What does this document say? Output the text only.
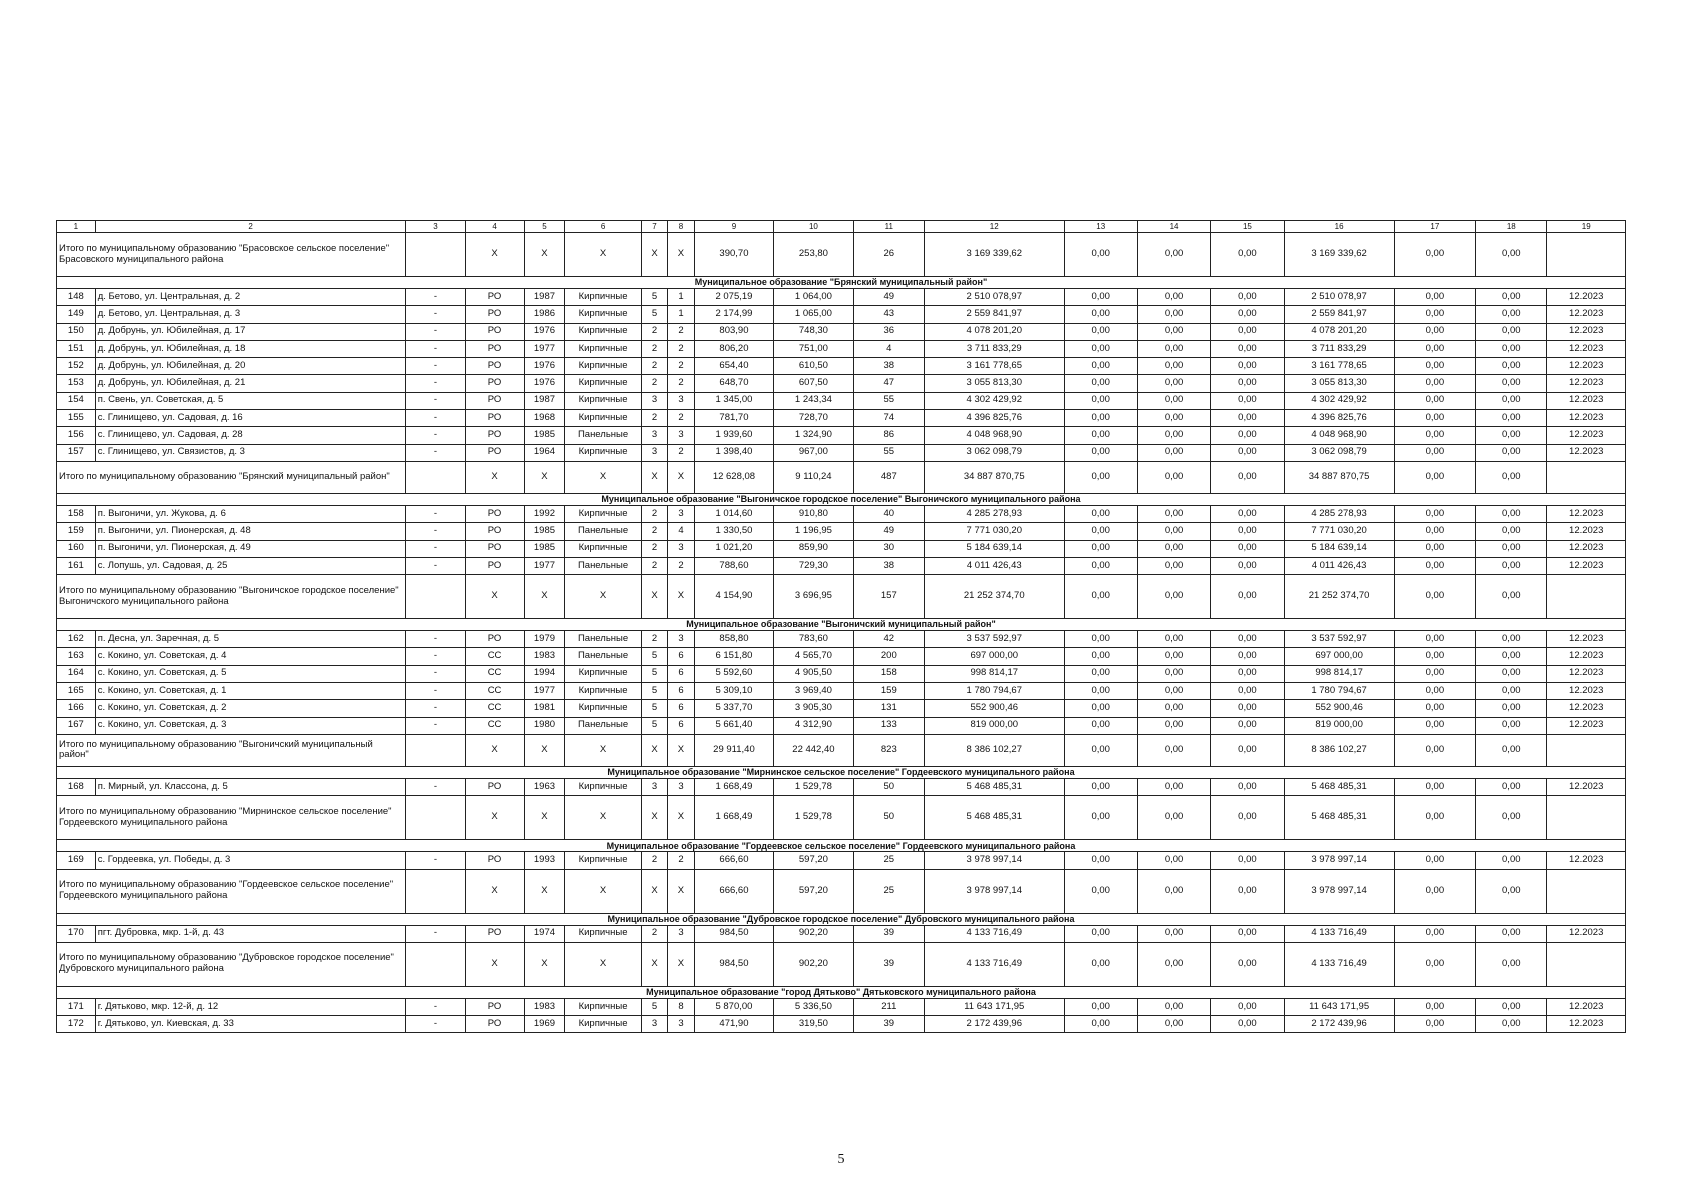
1	2	3	4	5	6	7	8	9	10	11	12	13	14	15	16	17	18	19
Итого по муниципальному образованию "Брасовское сельское поселение" Брасовского муниципального района			X	X	X	X	X	390,70	253,80	26	3 169 339,62	0,00	0,00	0,00	3 169 339,62	0,00	0,00	
Муниципальное образование "Брянский муниципальный район"																		
148	д. Бетово, ул. Центральная, д. 2	-	РО	1987	Кирпичные	5	1	2 075,19	1 064,00	49	2 510 078,97	0,00	0,00	0,00	2 510 078,97	0,00	0,00	12.2023
149	д. Бетово, ул. Центральная, д. 3	-	РО	1986	Кирпичные	5	1	2 174,99	1 065,00	43	2 559 841,97	0,00	0,00	0,00	2 559 841,97	0,00	0,00	12.2023
150	д. Добрунь, ул. Юбилейная, д. 17	-	РО	1976	Кирпичные	2	2	803,90	748,30	36	4 078 201,20	0,00	0,00	0,00	4 078 201,20	0,00	0,00	12.2023
151	д. Добрунь, ул. Юбилейная, д. 18	-	РО	1977	Кирпичные	2	2	806,20	751,00	4	3 711 833,29	0,00	0,00	0,00	3 711 833,29	0,00	0,00	12.2023
152	д. Добрунь, ул. Юбилейная, д. 20	-	РО	1976	Кирпичные	2	2	654,40	610,50	38	3 161 778,65	0,00	0,00	0,00	3 161 778,65	0,00	0,00	12.2023
153	д. Добрунь, ул. Юбилейная, д. 21	-	РО	1976	Кирпичные	2	2	648,70	607,50	47	3 055 813,30	0,00	0,00	0,00	3 055 813,30	0,00	0,00	12.2023
154	п. Свень, ул. Советская, д. 5	-	РО	1987	Кирпичные	3	3	1 345,00	1 243,34	55	4 302 429,92	0,00	0,00	0,00	4 302 429,92	0,00	0,00	12.2023
155	с. Глинищево, ул. Садовая, д. 16	-	РО	1968	Кирпичные	2	2	781,70	728,70	74	4 396 825,76	0,00	0,00	0,00	4 396 825,76	0,00	0,00	12.2023
156	с. Глинищево, ул. Садовая, д. 28	-	РО	1985	Панельные	3	3	1 939,60	1 324,90	86	4 048 968,90	0,00	0,00	0,00	4 048 968,90	0,00	0,00	12.2023
157	с. Глинищево, ул. Связистов, д. 3	-	РО	1964	Кирпичные	3	2	1 398,40	967,00	55	3 062 098,79	0,00	0,00	0,00	3 062 098,79	0,00	0,00	12.2023
Итого по муниципальному образованию "Брянский муниципальный район"			X	X	X	X	X	12 628,08	9 110,24	487	34 887 870,75	0,00	0,00	0,00	34 887 870,75	0,00	0,00	
Муниципальное образование "Выгоничское городское поселение" Выгоничского муниципального района																		
158	п. Выгоничи, ул. Жукова, д. 6	-	РО	1992	Кирпичные	2	3	1 014,60	910,80	40	4 285 278,93	0,00	0,00	0,00	4 285 278,93	0,00	0,00	12.2023
159	п. Выгоничи, ул. Пионерская, д. 48	-	РО	1985	Панельные	2	4	1 330,50	1 196,95	49	7 771 030,20	0,00	0,00	0,00	7 771 030,20	0,00	0,00	12.2023
160	п. Выгоничи, ул. Пионерская, д. 49	-	РО	1985	Кирпичные	2	3	1 021,20	859,90	30	5 184 639,14	0,00	0,00	0,00	5 184 639,14	0,00	0,00	12.2023
161	с. Лопушь, ул. Садовая, д. 25	-	РО	1977	Панельные	2	2	788,60	729,30	38	4 011 426,43	0,00	0,00	0,00	4 011 426,43	0,00	0,00	12.2023
Итого по муниципальному образованию "Выгоничское городское поселение" Выгоничского муниципального района			X	X	X	X	X	4 154,90	3 696,95	157	21 252 374,70	0,00	0,00	0,00	21 252 374,70	0,00	0,00	
Муниципальное образование "Выгоничский муниципальный район"																		
162	п. Десна, ул. Заречная, д. 5	-	РО	1979	Панельные	2	3	858,80	783,60	42	3 537 592,97	0,00	0,00	0,00	3 537 592,97	0,00	0,00	12.2023
163	с. Кокино, ул. Советская, д. 4	-	СС	1983	Панельные	5	6	6 151,80	4 565,70	200	697 000,00	0,00	0,00	0,00	697 000,00	0,00	0,00	12.2023
164	с. Кокино, ул. Советская, д. 5	-	СС	1994	Кирпичные	5	6	5 592,60	4 905,50	158	998 814,17	0,00	0,00	0,00	998 814,17	0,00	0,00	12.2023
165	с. Кокино, ул. Советская, д. 1	-	СС	1977	Кирпичные	5	6	5 309,10	3 969,40	159	1 780 794,67	0,00	0,00	0,00	1 780 794,67	0,00	0,00	12.2023
166	с. Кокино, ул. Советская, д. 2	-	СС	1981	Кирпичные	5	6	5 337,70	3 905,30	131	552 900,46	0,00	0,00	0,00	552 900,46	0,00	0,00	12.2023
167	с. Кокино, ул. Советская, д. 3	-	СС	1980	Панельные	5	6	5 661,40	4 312,90	133	819 000,00	0,00	0,00	0,00	819 000,00	0,00	0,00	12.2023
Итого по муниципальному образованию "Выгоничский муниципальный район"			X	X	X	X	X	29 911,40	22 442,40	823	8 386 102,27	0,00	0,00	0,00	8 386 102,27	0,00	0,00	
Муниципальное образование "Мирнинское сельское поселение" Гордеевского муниципального района																		
168	п. Мирный, ул. Классона, д. 5	-	РО	1963	Кирпичные	3	3	1 668,49	1 529,78	50	5 468 485,31	0,00	0,00	0,00	5 468 485,31	0,00	0,00	12.2023
Итого по муниципальному образованию "Мирнинское сельское поселение" Гордеевского муниципального района			X	X	X	X	X	1 668,49	1 529,78	50	5 468 485,31	0,00	0,00	0,00	5 468 485,31	0,00	0,00	
Муниципальное образование "Гордеевское сельское поселение" Гордеевского муниципального района																		
169	с. Гордеевка, ул. Победы, д. 3	-	РО	1993	Кирпичные	2	2	666,60	597,20	25	3 978 997,14	0,00	0,00	0,00	3 978 997,14	0,00	0,00	12.2023
Итого по муниципальному образованию "Гордеевское сельское поселение" Гордеевского муниципального района			X	X	X	X	X	666,60	597,20	25	3 978 997,14	0,00	0,00	0,00	3 978 997,14	0,00	0,00	
Муниципальное образование "Дубровское городское поселение" Дубровского муниципального района																		
170	пгт. Дубровка, мкр. 1-й, д. 43	-	РО	1974	Кирпичные	2	3	984,50	902,20	39	4 133 716,49	0,00	0,00	0,00	4 133 716,49	0,00	0,00	12.2023
Итого по муниципальному образованию "Дубровское городское поселение" Дубровского муниципального района			X	X	X	X	X	984,50	902,20	39	4 133 716,49	0,00	0,00	0,00	4 133 716,49	0,00	0,00	
Муниципальное образование "город Дятьково" Дятьковского муниципального района																		
171	г. Дятьково, мкр. 12-й, д. 12	-	РО	1983	Кирпичные	5	8	5 870,00	5 336,50	211	11 643 171,95	0,00	0,00	0,00	11 643 171,95	0,00	0,00	12.2023
172	г. Дятьково, ул. Киевская, д. 33	-	РО	1969	Кирпичные	3	3	471,90	319,50	39	2 172 439,96	0,00	0,00	0,00	2 172 439,96	0,00	0,00	12.2023
5
